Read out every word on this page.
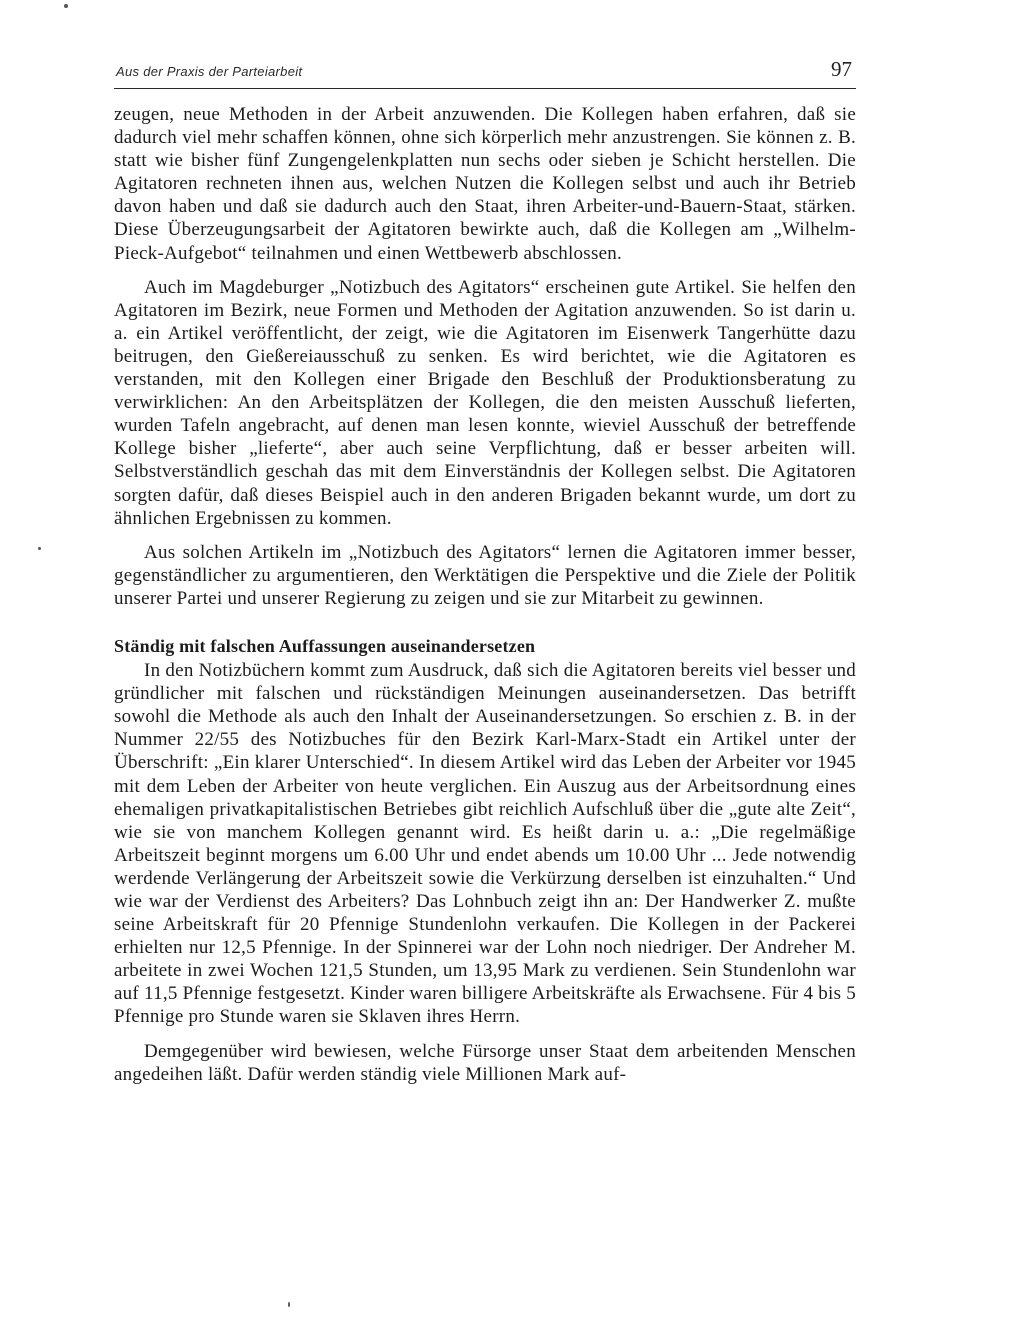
Aus der Praxis der Parteiarbeit	97

zeugen, neue Methoden in der Arbeit anzuwenden. Die Kollegen haben erfahren, daß sie dadurch viel mehr schaffen können, ohne sich körperlich mehr anzustrengen. Sie können z. B. statt wie bisher fünf Zungengelenkplatten nun sechs oder sieben je Schicht herstellen. Die Agitatoren rechneten ihnen aus, welchen Nutzen die Kollegen selbst und auch ihr Betrieb davon haben und daß sie dadurch auch den Staat, ihren Arbeiter-und-Bauern-Staat, stärken. Diese Überzeugungsarbeit der Agitatoren bewirkte auch, daß die Kollegen am „Wilhelm-Pieck-Aufgebot“ teilnahmen und einen Wettbewerb abschlossen.

Auch im Magdeburger „Notizbuch des Agitators“ erscheinen gute Artikel. Sie helfen den Agitatoren im Bezirk, neue Formen und Methoden der Agitation anzuwenden. So ist darin u. a. ein Artikel veröffentlicht, der zeigt, wie die Agitatoren im Eisenwerk Tangerhütte dazu beitrugen, den Gießereiausschuß zu senken. Es wird berichtet, wie die Agitatoren es verstanden, mit den Kollegen einer Brigade den Beschluß der Produktionsberatung zu verwirklichen: An den Arbeitsplätzen der Kollegen, die den meisten Ausschuß lieferten, wurden Tafeln angebracht, auf denen man lesen konnte, wieviel Ausschuß der betreffende Kollege bisher „lieferte“, aber auch seine Verpflichtung, daß er besser arbeiten will. Selbstverständlich geschah das mit dem Einverständnis der Kollegen selbst. Die Agitatoren sorgten dafür, daß dieses Beispiel auch in den anderen Brigaden bekannt wurde, um dort zu ähnlichen Ergebnissen zu kommen.

Aus solchen Artikeln im „Notizbuch des Agitators“ lernen die Agitatoren immer besser, gegenständlicher zu argumentieren, den Werktätigen die Perspektive und die Ziele der Politik unserer Partei und unserer Regierung zu zeigen und sie zur Mitarbeit zu gewinnen.

Ständig mit falschen Auffassungen auseinandersetzen

In den Notizbüchern kommt zum Ausdruck, daß sich die Agitatoren bereits viel besser und gründlicher mit falschen und rückständigen Meinungen auseinandersetzen. Das betrifft sowohl die Methode als auch den Inhalt der Auseinandersetzungen. So erschien z. B. in der Nummer 22/55 des Notizbuches für den Bezirk Karl-Marx-Stadt ein Artikel unter der Überschrift: „Ein klarer Unterschied“. In diesem Artikel wird das Leben der Arbeiter vor 1945 mit dem Leben der Arbeiter von heute verglichen. Ein Auszug aus der Arbeitsordnung eines ehemaligen privatkapitalistischen Betriebes gibt reichlich Aufschluß über die „gute alte Zeit“, wie sie von manchem Kollegen genannt wird. Es heißt darin u. a.: „Die regelmäßige Arbeitszeit beginnt morgens um 6.00 Uhr und endet abends um 10.00 Uhr ... Jede notwendig werdende Verlängerung der Arbeitszeit sowie die Verkürzung derselben ist einzuhalten.“ Und wie war der Verdienst des Arbeiters? Das Lohnbuch zeigt ihn an: Der Handwerker Z. mußte seine Arbeitskraft für 20 Pfennige Stundenlohn verkaufen. Die Kollegen in der Packerei erhielten nur 12,5 Pfennige. In der Spinnerei war der Lohn noch niedriger. Der Andreher M. arbeitete in zwei Wochen 121,5 Stunden, um 13,95 Mark zu verdienen. Sein Stundenlohn war auf 11,5 Pfennige festgesetzt. Kinder waren billigere Arbeitskräfte als Erwachsene. Für 4 bis 5 Pfennige pro Stunde waren sie Sklaven ihres Herrn.

Demgegenüber wird bewiesen, welche Fürsorge unser Staat dem arbeitenden Menschen angedeihen läßt. Dafür werden ständig viele Millionen Mark auf-
